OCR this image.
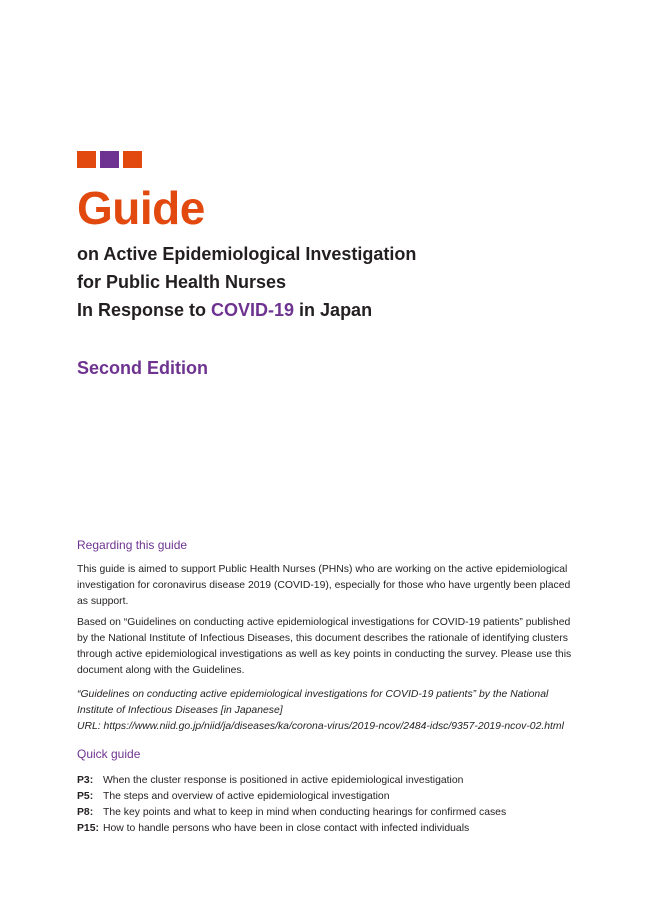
Guide
on Active Epidemiological Investigation
for Public Health Nurses
In Response to COVID-19 in Japan
Second Edition
Regarding this guide

This guide is aimed to support Public Health Nurses (PHNs) who are working on the active epidemiological investigation for coronavirus disease 2019 (COVID-19), especially for those who have urgently been placed as support.

Based on “Guidelines on conducting active epidemiological investigations for COVID-19 patients” published by the National Institute of Infectious Diseases, this document describes the rationale of identifying clusters through active epidemiological investigations as well as key points in conducting the survey. Please use this document along with the Guidelines.

“Guidelines on conducting active epidemiological investigations for COVID-19 patients” by the National
Institute of Infectious Diseases [in Japanese]
URL: https://www.niid.go.jp/niid/ja/diseases/ka/corona-virus/2019-ncov/2484-idsc/9357-2019-ncov-02.html
Quick guide
P3: When the cluster response is positioned in active epidemiological investigation
P5: The steps and overview of active epidemiological investigation
P8: The key points and what to keep in mind when conducting hearings for confirmed cases
P15: How to handle persons who have been in close contact with infected individuals
